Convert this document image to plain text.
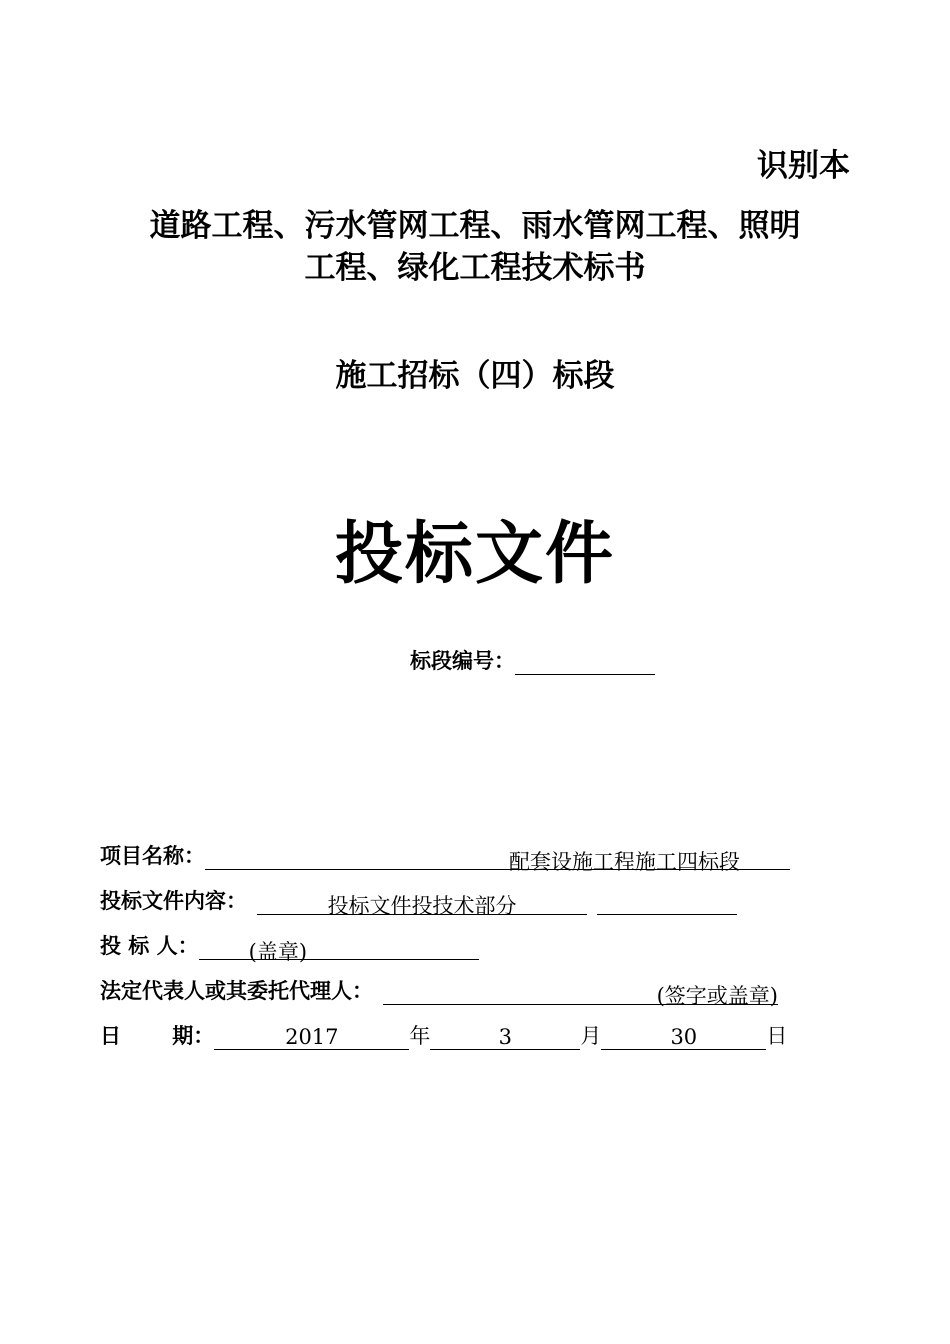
识别本
道路工程、污水管网工程、雨水管网工程、照明
工程、绿化工程技术标书
施工招标（四）标段
投标文件
标段编号：
项目名称：	配套设施工程施工四标段
投标文件内容：	投标文件投技术部分
投 标 人： (盖章)
法定代表人或其委托代理人：	(签字或盖章)
日 期：	2017	年	3	月	30	日
